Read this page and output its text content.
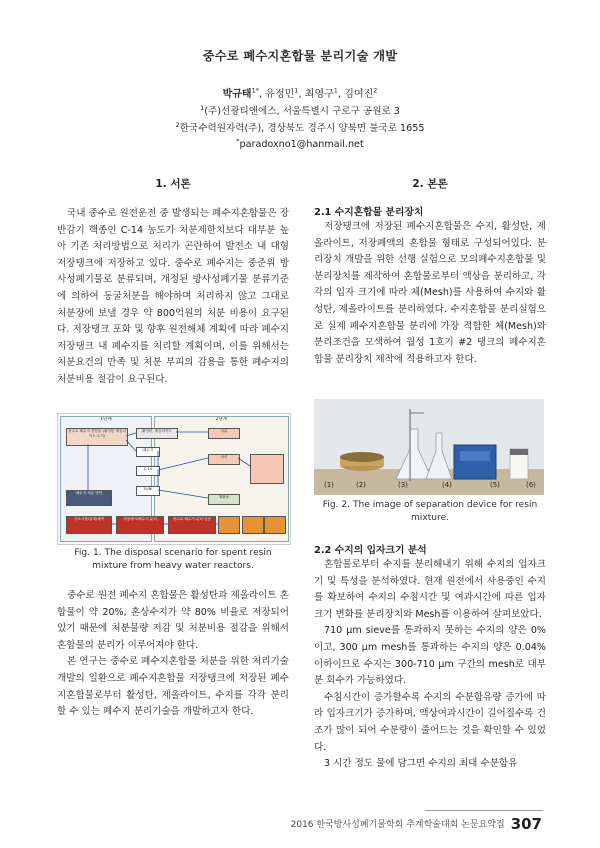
중수로 폐수지혼합물 분리기술 개발
박규태$^{1*}$, 유정민$^1$, 최영구$^1$, 김여진$^2$
$^1$(주)선광티앤에스, 서울특별시 구로구 공원로 3
$^2$한국수력원자력(주), 경상북도 경주시 양북면 불국로 1655
*paradoxno1@hanmail.net
1. 서론

국내 중수로 원전운전 중 발생되는 폐수지혼합물은 장반감기 핵종인 C-14 농도가 처분제한치보다 대부분 높아 기존 처리방법으로 처리가 곤란하여 발전소 내 대형 저장탱크에 저장하고 있다. 중수로 폐수지는 중준위 방사성폐기물로 분류되며, 개정된 방사성폐기물 분류기준에 의하여 동굴처분을 해야하며 처리하지 않고 그대로 처분장에 보낼 경우 약 800억원의 처분 비용이 요구된다. 저장탱크 포화 및 향후 원전해체 계획에 따라 폐수지저장탱크 내 폐수지를 처리할 계획이며, 이를 위해서는 처분요건의 만족 및 처분 부피의 감용을 통한 폐수지의 처분비용 절감이 요구된다.

1단계	2단계
중수로 폐수지 혼합물 (활성탄·제올라이트·수지)
활성탄, 제올라이트
폐수지
C-14
Sr/Ni
폐수지 처분 방안
기초시험/설계/제작	저장탱크/폐수지 분리	중수로 폐수지 분리 검증
처분
처리
재활용
Fig. 1. The disposal scenario for spent resin
mixture from heavy water reactors.

중수로 원전 폐수지 혼합물은 활성탄과 제올라이트 혼합물이 약 20%, 혼상수지가 약 80% 비율로 저장되어 있기 때문에 처분물량 저감 및 처분비용 절감을 위해서 혼합물의 분리가 이루어져야 한다.

본 연구는 중수로 폐수지혼합물 처분을 위한 처리기술 개발의 일환으로 폐수지혼합물 저장탱크에 저장된 폐수지혼합물로부터 활성탄, 제올라이트, 수지를 각각 분리 할 수 있는 폐수지 분리기술을 개발하고자 한다.

2. 본론
2.1 수지혼합물 분리장치

저장탱크에 저장된 폐수지혼합물은 수지, 활성탄, 제올라이트, 저장폐액의 혼합물 형태로 구성되어있다. 분리장치 개발을 위한 선행 실험으로 모의폐수지혼합물 및 분리장치를 제작하여 혼합물로부터 액상을 분리하고, 각각의 입자 크기에 따라 체(Mesh)를 사용하여 수지와 활성탄, 제올라이트를 분리하였다. 수지혼합물 분리실험으로 실제 폐수지혼합물 분리에 가장 적합한 체(Mesh)와 분리조건을 모색하여 월성 1호기 #2 탱크의 폐수지혼합물 분리장치 제작에 적용하고자 한다.

(1)	(2)	(3)	(4)	(5)	(6)
Fig. 2. The image of separation device for resin
mixture.
2.2 수지의 입자크기 분석

혼합물로부터 수지를 분리해내기 위해 수지의 입자크기 및 특성을 분석하였다. 현재 원전에서 사용중인 수지를 확보하여 수지의 수침시간 및 여과시간에 따른 입자크기 변화를 분리장치와 Mesh를 이용하여 살펴보았다.

710 μm sieve를 통과하지 못하는 수지의 양은 0%이고, 300 μm mesh를 통과하는 수지의 양은 0.04% 이하이므로 수지는 300-710 μm 구간의 mesh로 대부분 회수가 가능하였다.

수침시간이 증가할수록 수지의 수분함유량 증가에 따라 입자크기가 증가하며, 액상여과시간이 길어질수록 건조가 많이 되어 수분량이 줄어드는 것을 확인할 수 있었다.

3 시간 정도 물에 담그면 수지의 최대 수분함유

2016 한국방사성폐기물학회 추계학술대회 논문요약집 307
